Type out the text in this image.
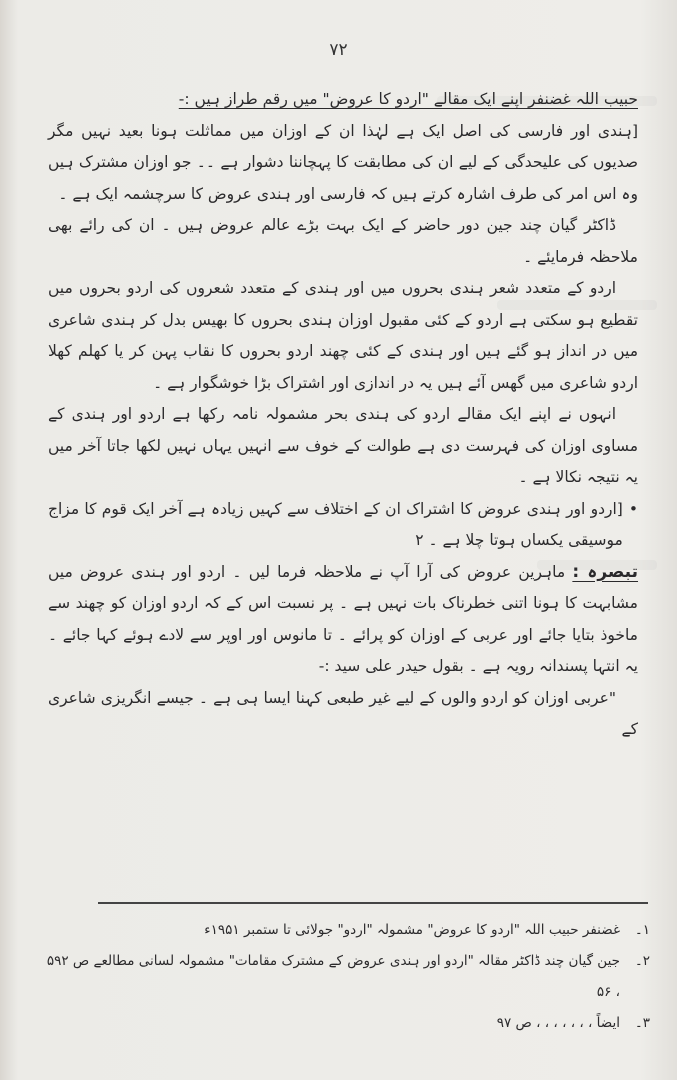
۷۲

حبیب اللہ غضنفر اپنے ایک مقالے "اردو کا عروض" میں رقم طراز ہیں :-

[ہندی اور فارسی کی اصل ایک ہے لہٰذا ان کے اوزان میں مماثلت ہونا بعید نہیں مگر صدیوں کی علیحدگی کے لیے ان کی مطابقت کا پہچاننا دشوار ہے ۔۔ جو اوزان مشترک ہیں وہ اس امر کی طرف اشارہ کرتے ہیں کہ فارسی اور ہندی عروض کا سرچشمہ ایک ہے ۔

ڈاکٹر گیان چند جین دور حاضر کے ایک بہت بڑے عالم عروض ہیں ۔ ان کی رائے بھی ملاحظہ فرمایئے ۔

اردو کے متعدد شعر ہندی بحروں میں اور ہندی کے متعدد شعروں کی اردو بحروں میں تقطیع ہو سکتی ہے اردو کے کئی مقبول اوزان ہندی بحروں کا بھیس بدل کر ہندی شاعری میں در انداز ہو گئے ہیں اور ہندی کے کئی چھند اردو بحروں کا نقاب پہن کر یا کھلم کھلا اردو شاعری میں گھس آئے ہیں یہ در اندازی اور اشتراک بڑا خوشگوار ہے ۔

انہوں نے اپنے ایک مقالے اردو کی ہندی بحر مشمولہ نامہ رکھا ہے اردو اور ہندی کے مساوی اوزان کی فہرست دی ہے طوالت کے خوف سے انہیں یہاں نہیں لکھا جاتا آخر میں یہ نتیجہ نکالا ہے ۔

[اردو اور ہندی عروض کا اشتراک ان کے اختلاف سے کہیں زیادہ ہے آخر ایک قوم کا مزاج موسیقی یکساں ہوتا چلا ہے ۔ ۲
•

تبصرہ : ماہرین عروض کی آرا آپ نے ملاحظہ فرما لیں ۔ اردو اور ہندی عروض میں مشابہت کا ہونا اتنی خطرناک بات نہیں ہے ۔ پر نسبت اس کے کہ اردو اوزان کو چھند سے ماخوذ بتایا جائے اور عربی کے اوزان کو پرائے ۔ تا مانوس اور اوپر سے لادے ہوئے کہا جائے ۔ یہ انتہا پسندانہ رویہ ہے ۔ بقول حیدر علی سید :-

"عربی اوزان کو اردو والوں کے لیے غیر طبعی کہنا ایسا ہی ہے ۔ جیسے انگریزی شاعری کے

۱۔
غضنفر حبیب اللہ "اردو کا عروض" مشمولہ "اردو" جولائی تا ستمبر ۱۹۵۱ء
۲۔
جین گیان چند ڈاکٹر مقالہ "اردو اور ہندی عروض کے مشترک مقامات" مشمولہ لسانی مطالعے ص ۵۹۲ ، ۵۶
۳۔
ایضاً ، ، ، ، ، ، ، ص ۹۷
